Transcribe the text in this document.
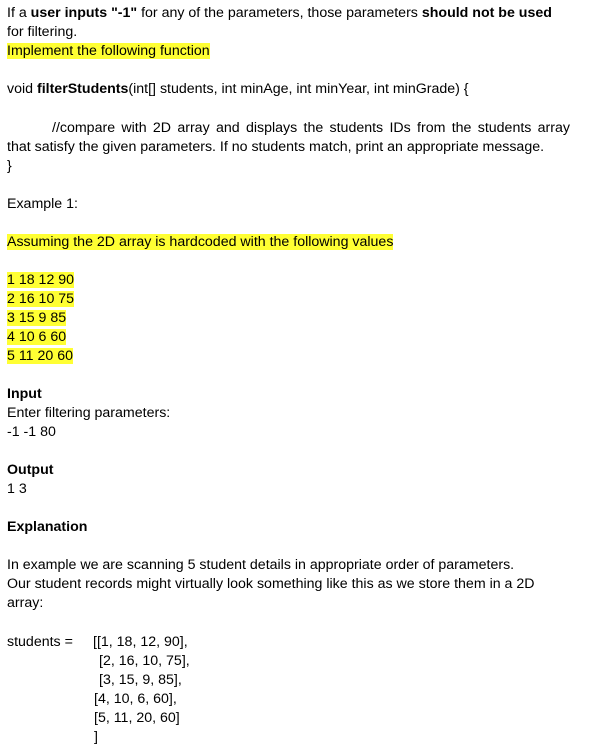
If a user inputs "-1" for any of the parameters, those parameters should not be used
for filtering.
Implement the following function
void filterStudents(int[] students, int minAge, int minYear, int minGrade) {
//compare with 2D array and displays the students IDs from the students array
that satisfy the given parameters. If no students match, print an appropriate message.
}
Example 1:
Assuming the 2D array is hardcoded with the following values
1 18 12 90
2 16 10 75
3 15 9 85
4 10 6 60
5 11 20 60
Input
Enter filtering parameters:
-1 -1 80
Output
1 3
Explanation
In example we are scanning 5 student details in appropriate order of parameters.
Our student records might virtually look something like this as we store them in a 2D
array:
students = [[1, 18, 12, 90],
[2, 16, 10, 75],
[3, 15, 9, 85],
[4, 10, 6, 60],
[5, 11, 20, 60]
]
